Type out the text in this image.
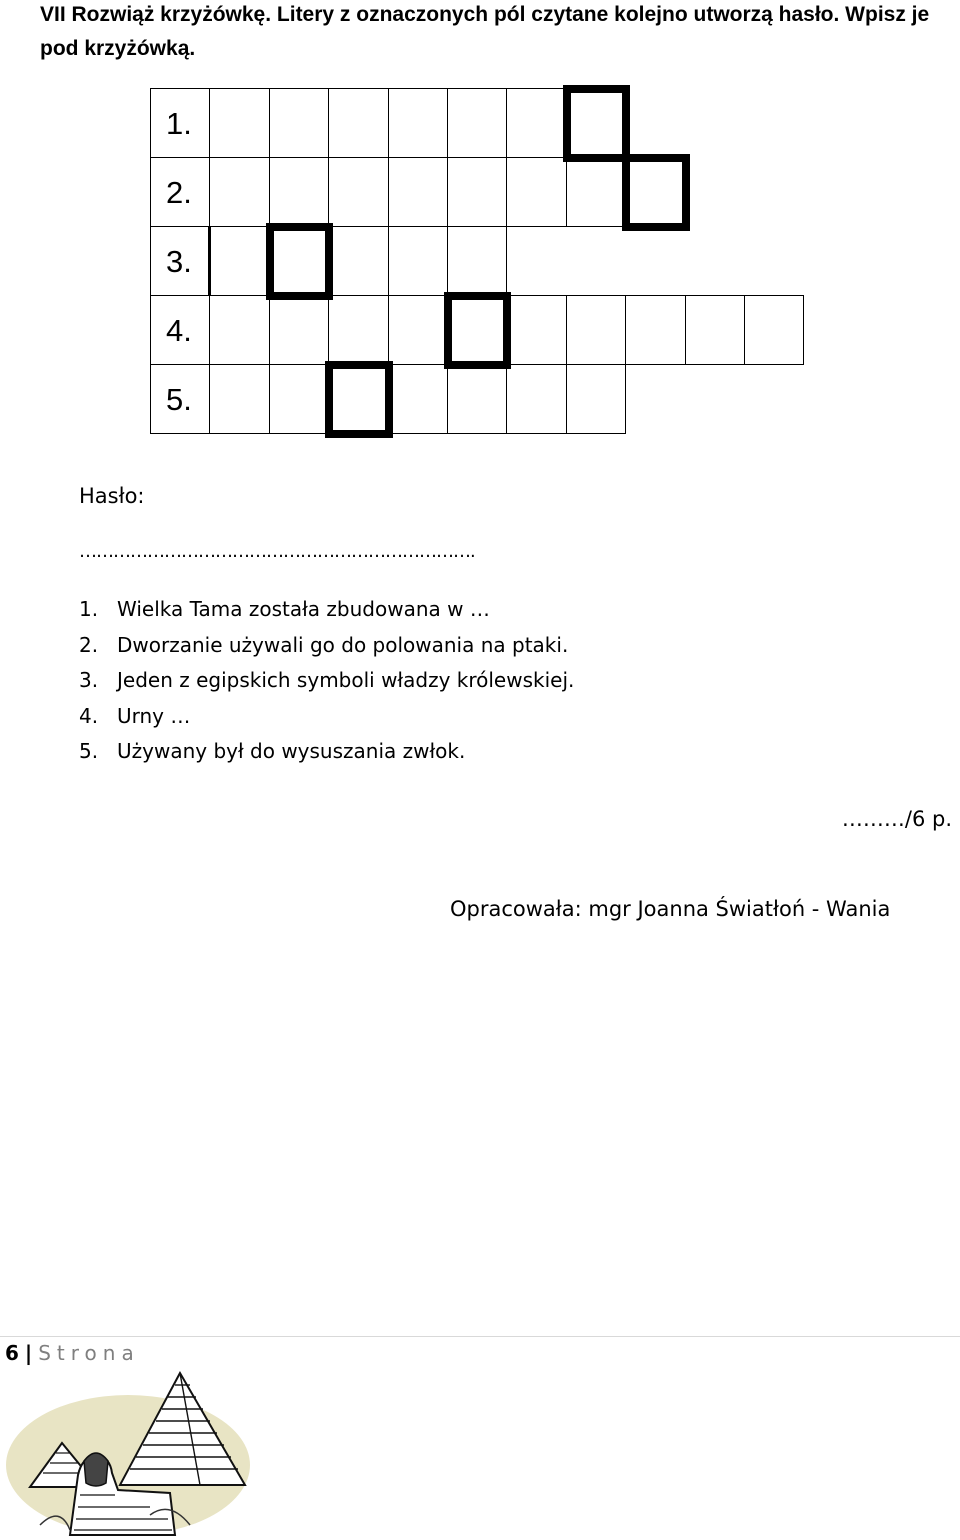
VII Rozwiąż krzyżówkę. Litery z oznaczonych pól czytane kolejno utworzą hasło. Wpisz je pod krzyżówką.
1.
2.
3.
4.
5.
Hasło:
…………………………………………………………….
1. Wielka Tama została zbudowana w …
2. Dworzanie używali go do polowania na ptaki.
3. Jeden z egipskich symboli władzy królewskiej.
4. Urny …
5. Używany był do wysuszania zwłok.
………/6 p.
Opracowała: mgr Joanna Światłoń - Wania
6 | Strona
